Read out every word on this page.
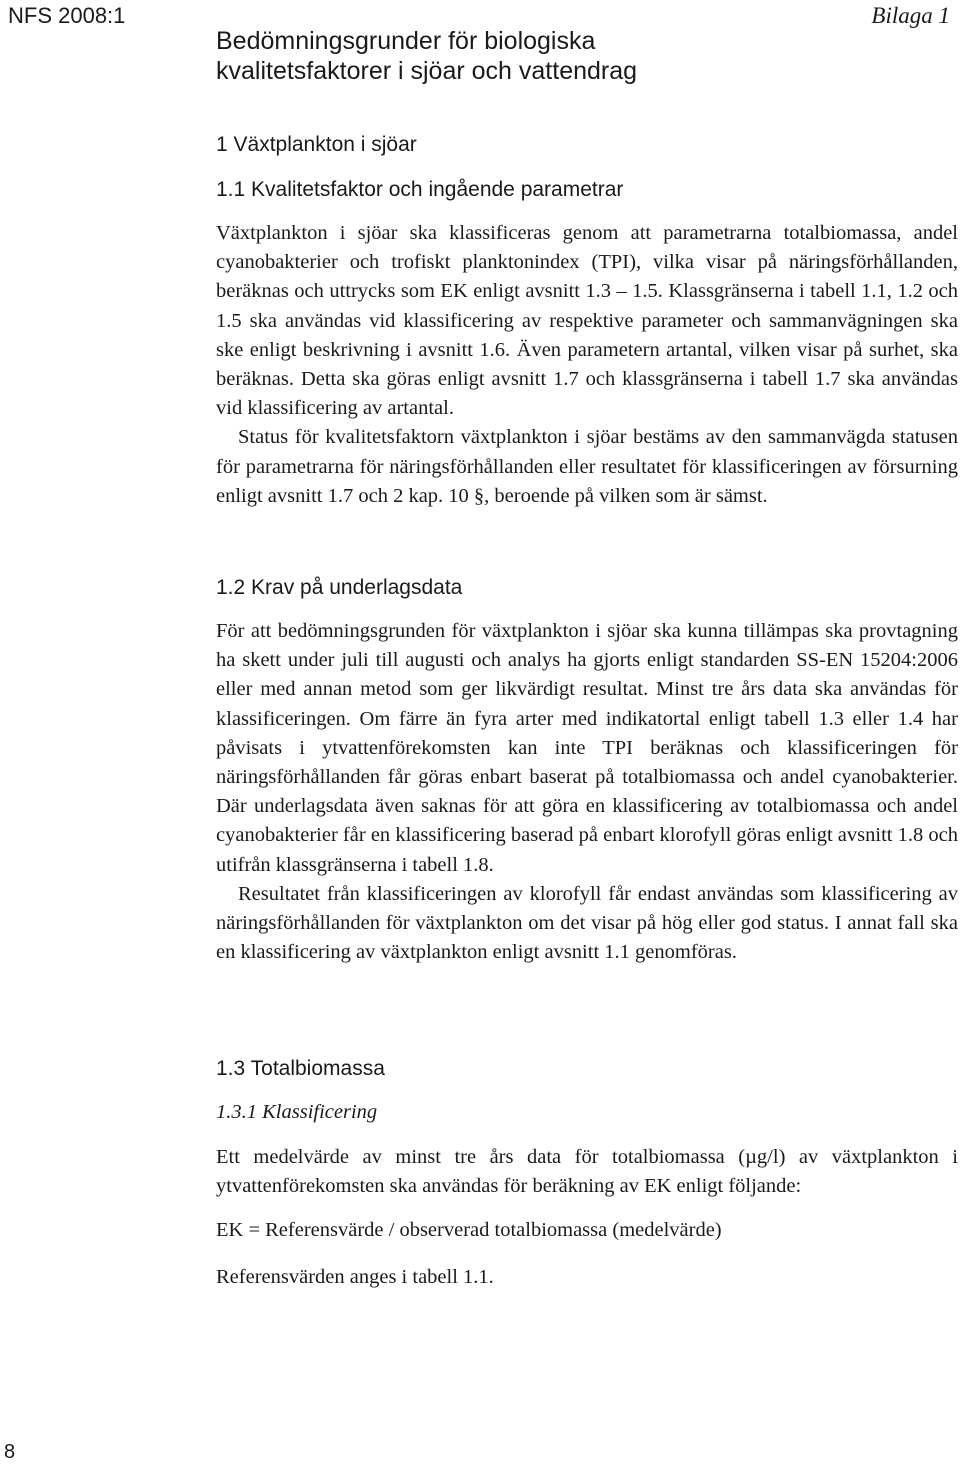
NFS 2008:1	Bilaga 1
Bedömningsgrunder för biologiska
kvalitetsfaktorer i sjöar och vattendrag
1 Växtplankton i sjöar
1.1 Kvalitetsfaktor och ingående parametrar

Växtplankton i sjöar ska klassificeras genom att parametrarna totalbiomassa, andel cyanobakterier och trofiskt planktonindex (TPI), vilka visar på näringsförhållanden, beräknas och uttrycks som EK enligt avsnitt 1.3 – 1.5. Klassgränserna i tabell 1.1, 1.2 och 1.5 ska användas vid klassificering av respektive parameter och sammanvägningen ska ske enligt beskrivning i avsnitt 1.6. Även parametern artantal, vilken visar på surhet, ska beräknas. Detta ska göras enligt avsnitt 1.7 och klassgränserna i tabell 1.7 ska användas vid klassificering av artantal.

Status för kvalitetsfaktorn växtplankton i sjöar bestäms av den sammanvägda statusen för parametrarna för näringsförhållanden eller resultatet för klassificeringen av försurning enligt avsnitt 1.7 och 2 kap. 10 §, beroende på vilken som är sämst.

1.2 Krav på underlagsdata

För att bedömningsgrunden för växtplankton i sjöar ska kunna tillämpas ska provtagning ha skett under juli till augusti och analys ha gjorts enligt standarden SS-EN 15204:2006 eller med annan metod som ger likvärdigt resultat. Minst tre års data ska användas för klassificeringen. Om färre än fyra arter med indikatortal enligt tabell 1.3 eller 1.4 har påvisats i ytvattenförekomsten kan inte TPI beräknas och klassificeringen för näringsförhållanden får göras enbart baserat på totalbiomassa och andel cyanobakterier. Där underlagsdata även saknas för att göra en klassificering av totalbiomassa och andel cyanobakterier får en klassificering baserad på enbart klorofyll göras enligt avsnitt 1.8 och utifrån klassgränserna i tabell 1.8.

Resultatet från klassificeringen av klorofyll får endast användas som klassificering av näringsförhållanden för växtplankton om det visar på hög eller god status. I annat fall ska en klassificering av växtplankton enligt avsnitt 1.1 genomföras.

1.3 Totalbiomassa
1.3.1 Klassificering

Ett medelvärde av minst tre års data för totalbiomassa (µg/l) av växtplankton i ytvattenförekomsten ska användas för beräkning av EK enligt följande:

EK = Referensvärde / observerad totalbiomassa (medelvärde)
Referensvärden anges i tabell 1.1.
8
